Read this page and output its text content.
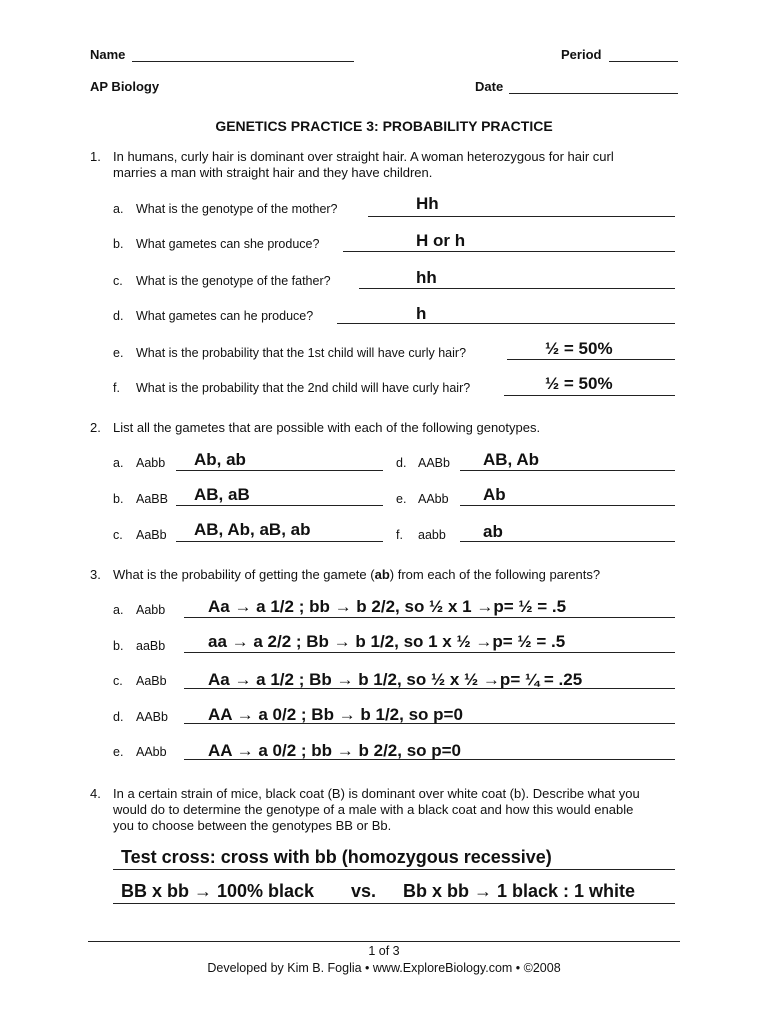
Name	Period
AP Biology	Date
GENETICS PRACTICE 3: PROBABILITY PRACTICE
1. In humans, curly hair is dominant over straight hair. A woman heterozygous for hair curl
marries a man with straight hair and they have children.
a. What is the genotype of the mother?	Hh
b. What gametes can she produce?	H or h
c. What is the genotype of the father?	hh
d. What gametes can he produce?	h
e. What is the probability that the 1st child will have curly hair?	½ = 50%
f. What is the probability that the 2nd child will have curly hair?	½ = 50%
2. List all the gametes that are possible with each of the following genotypes.
a. Aabb Ab, ab
b. AaBB AB, aB
c. AaBb AB, Ab, aB, ab
d. AABb AB, Ab
e. AAbb Ab
f. aabb ab
3. What is the probability of getting the gamete (ab) from each of the following parents?
a. Aabb	Aa → a 1/2 ; bb → b 2/2, so ½ x 1 →p= ½ = .5
b. aaBb	aa → a 2/2 ; Bb → b 1/2, so 1 x ½ →p= ½ = .5
c. AaBb Aa → a 1/2 ; Bb → b 1/2, so ½ x ½ →p= ¼ = .25
d. AABb AA → a 0/2 ; Bb → b 1/2, so p=0
e. AAbb AA → a 0/2 ; bb → b 2/2, so p=0
4. In a certain strain of mice, black coat (B) is dominant over white coat (b). Describe what you
would do to determine the genotype of a male with a black coat and how this would enable
you to choose between the genotypes BB or Bb.
Test cross: cross with bb (homozygous recessive)
BB x bb → 100% black vs. Bb x bb → 1 black : 1 white
1 of 3
Developed by Kim B. Foglia • www.ExploreBiology.com • ©2008
